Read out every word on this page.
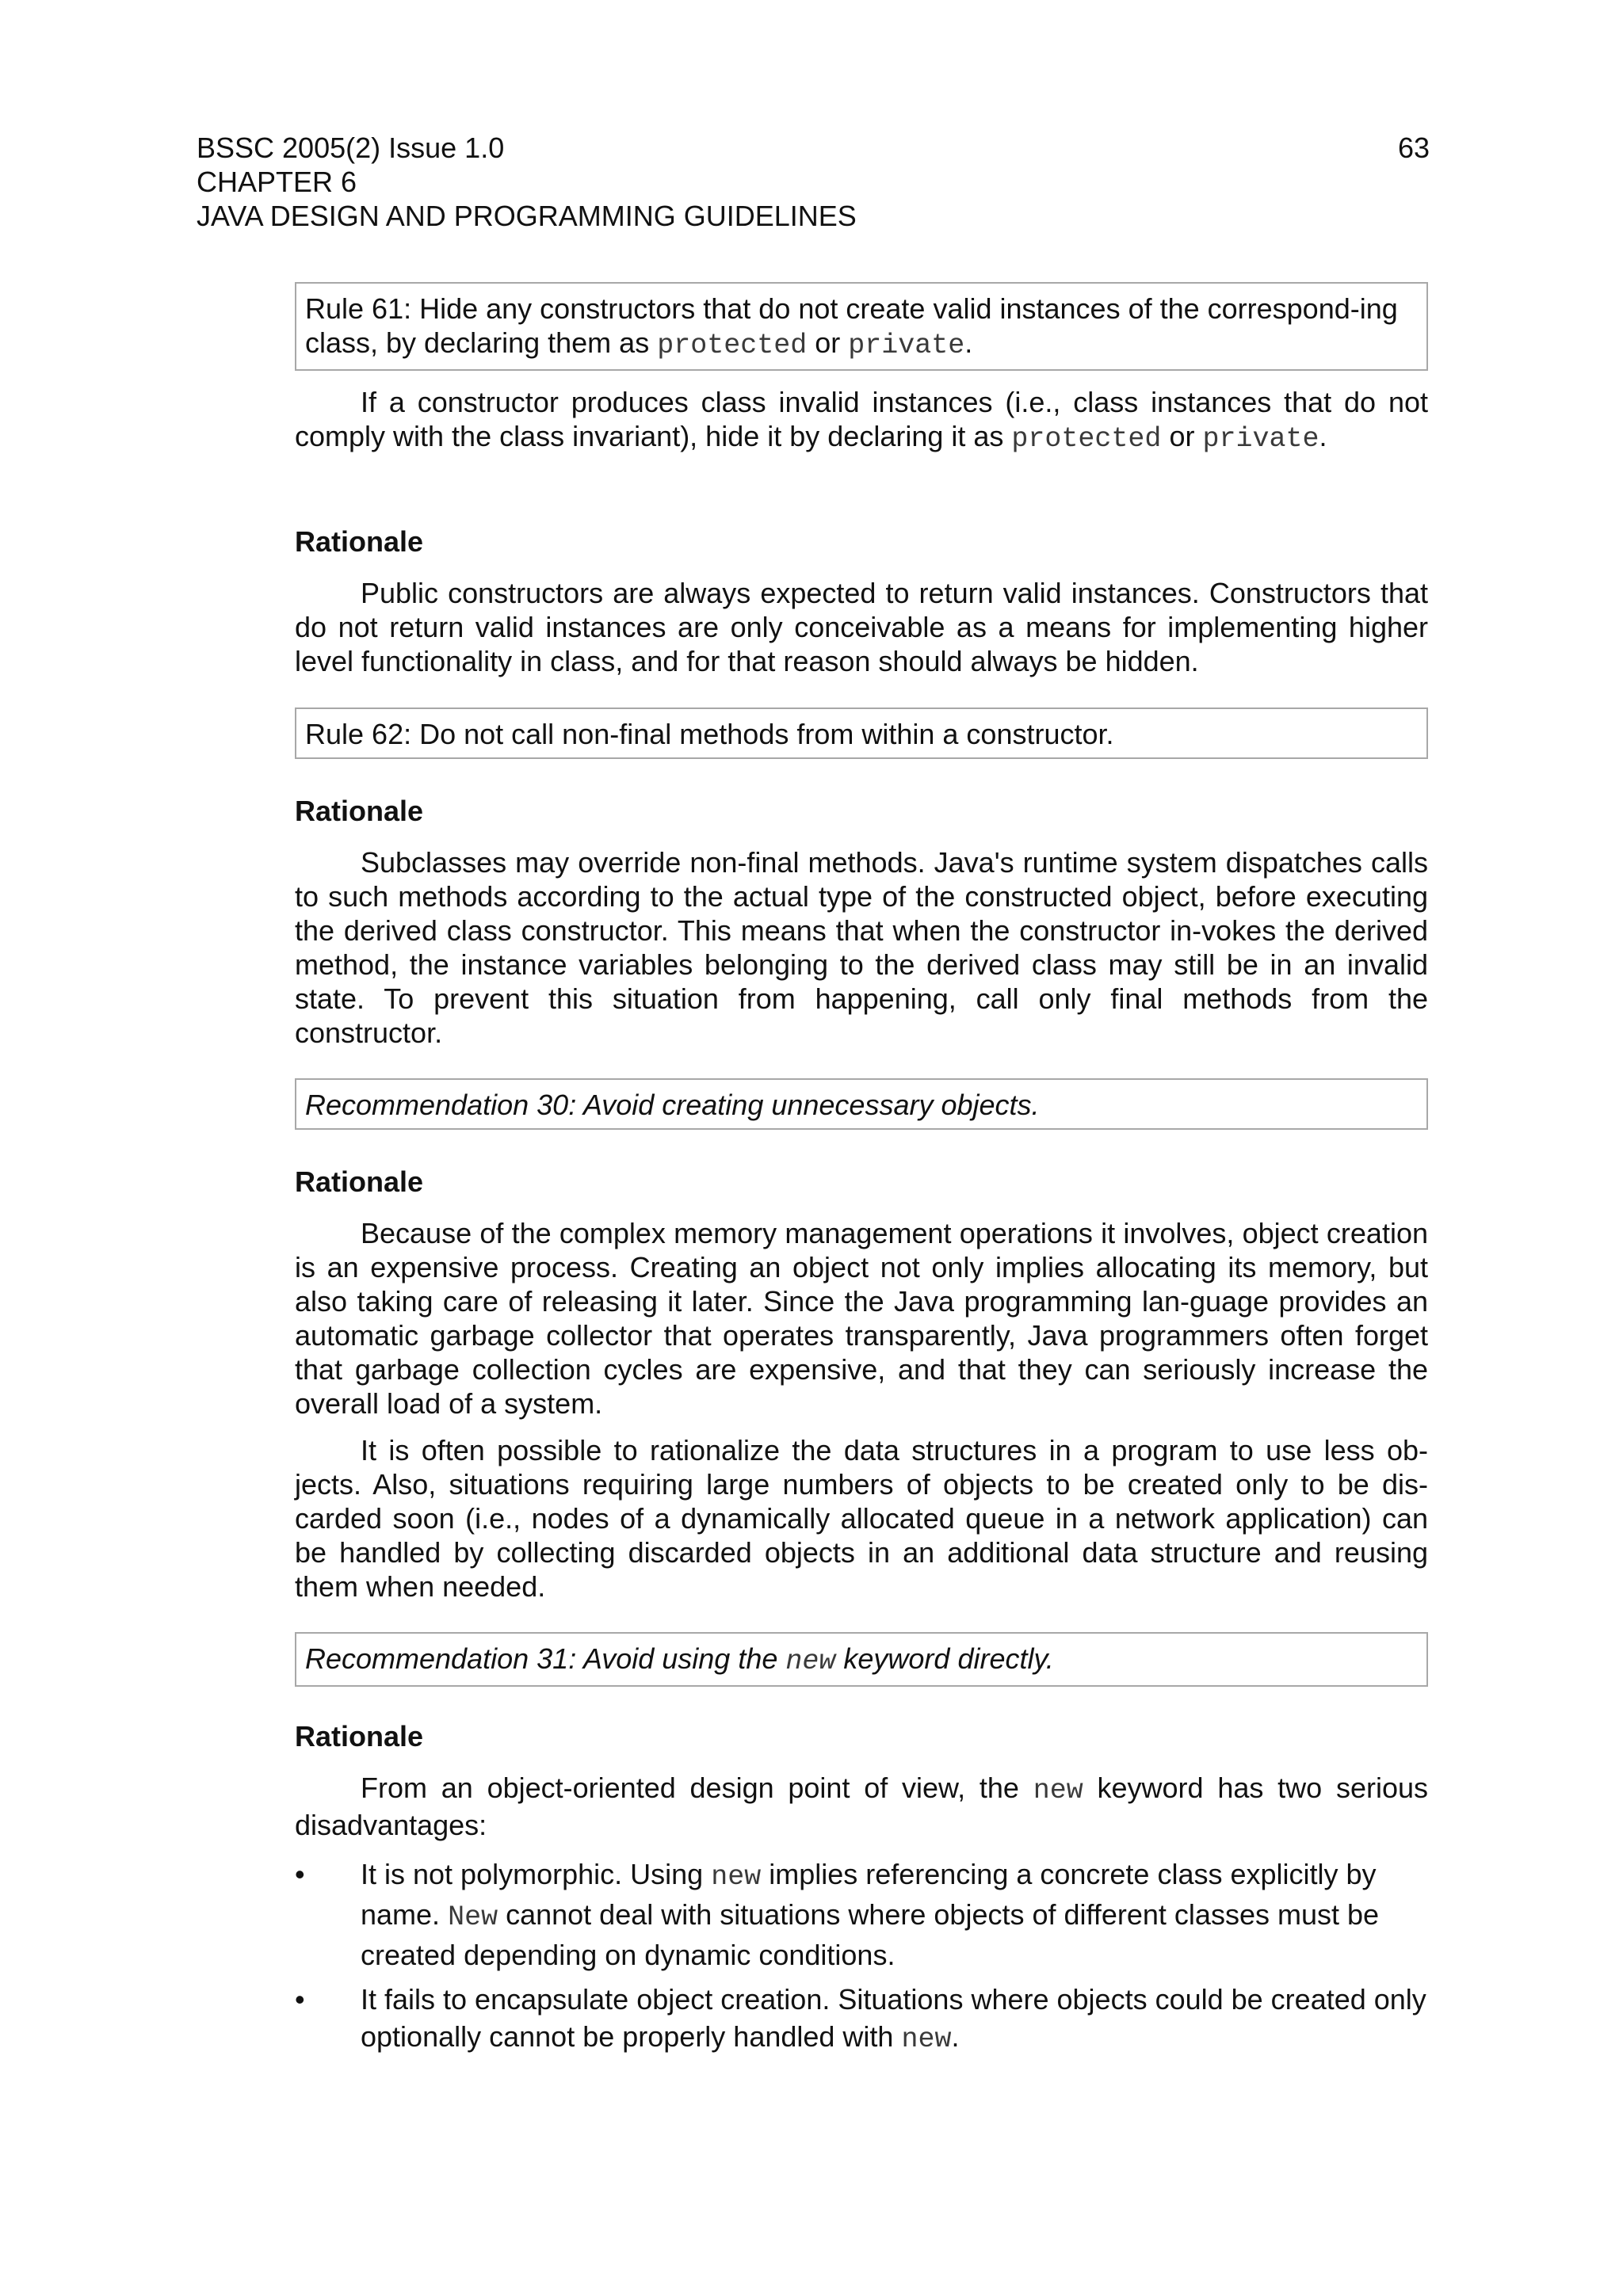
BSSC 2005(2) Issue 1.0

CHAPTER 6

JAVA DESIGN AND PROGRAMMING GUIDELINES

63
Rule 61: Hide any constructors that do not create valid instances of the correspond-ing class, by declaring them as protected or private.

If a constructor produces class invalid instances (i.e., class instances that do not comply with the class invariant), hide it by declaring it as protected or private.

Rationale

Public constructors are always expected to return valid instances. Constructors that do not return valid instances are only conceivable as a means for implementing higher level functionality in class, and for that reason should always be hidden.

Rule 62: Do not call non-final methods from within a constructor.

Rationale

Subclasses may override non-final methods. Java's runtime system dispatches calls to such methods according to the actual type of the constructed object, before executing the derived class constructor. This means that when the constructor in-vokes the derived method, the instance variables belonging to the derived class may still be in an invalid state. To prevent this situation from happening, call only final methods from the constructor.

Recommendation 30: Avoid creating unnecessary objects.

Rationale

Because of the complex memory management operations it involves, object creation is an expensive process. Creating an object not only implies allocating its memory, but also taking care of releasing it later. Since the Java programming lan-guage provides an automatic garbage collector that operates transparently, Java programmers often forget that garbage collection cycles are expensive, and that they can seriously increase the overall load of a system.

It is often possible to rationalize the data structures in a program to use less ob-jects. Also, situations requiring large numbers of objects to be created only to be dis-carded soon (i.e., nodes of a dynamically allocated queue in a network application) can be handled by collecting discarded objects in an additional data structure and reusing them when needed.

Recommendation 31: Avoid using the new keyword directly.

Rationale

From an object-oriented design point of view, the new keyword has two serious disadvantages:

• It is not polymorphic. Using new implies referencing a concrete class explicitly by name. New cannot deal with situations where objects of different classes must be created depending on dynamic conditions.
• It fails to encapsulate object creation. Situations where objects could be created only optionally cannot be properly handled with new.
